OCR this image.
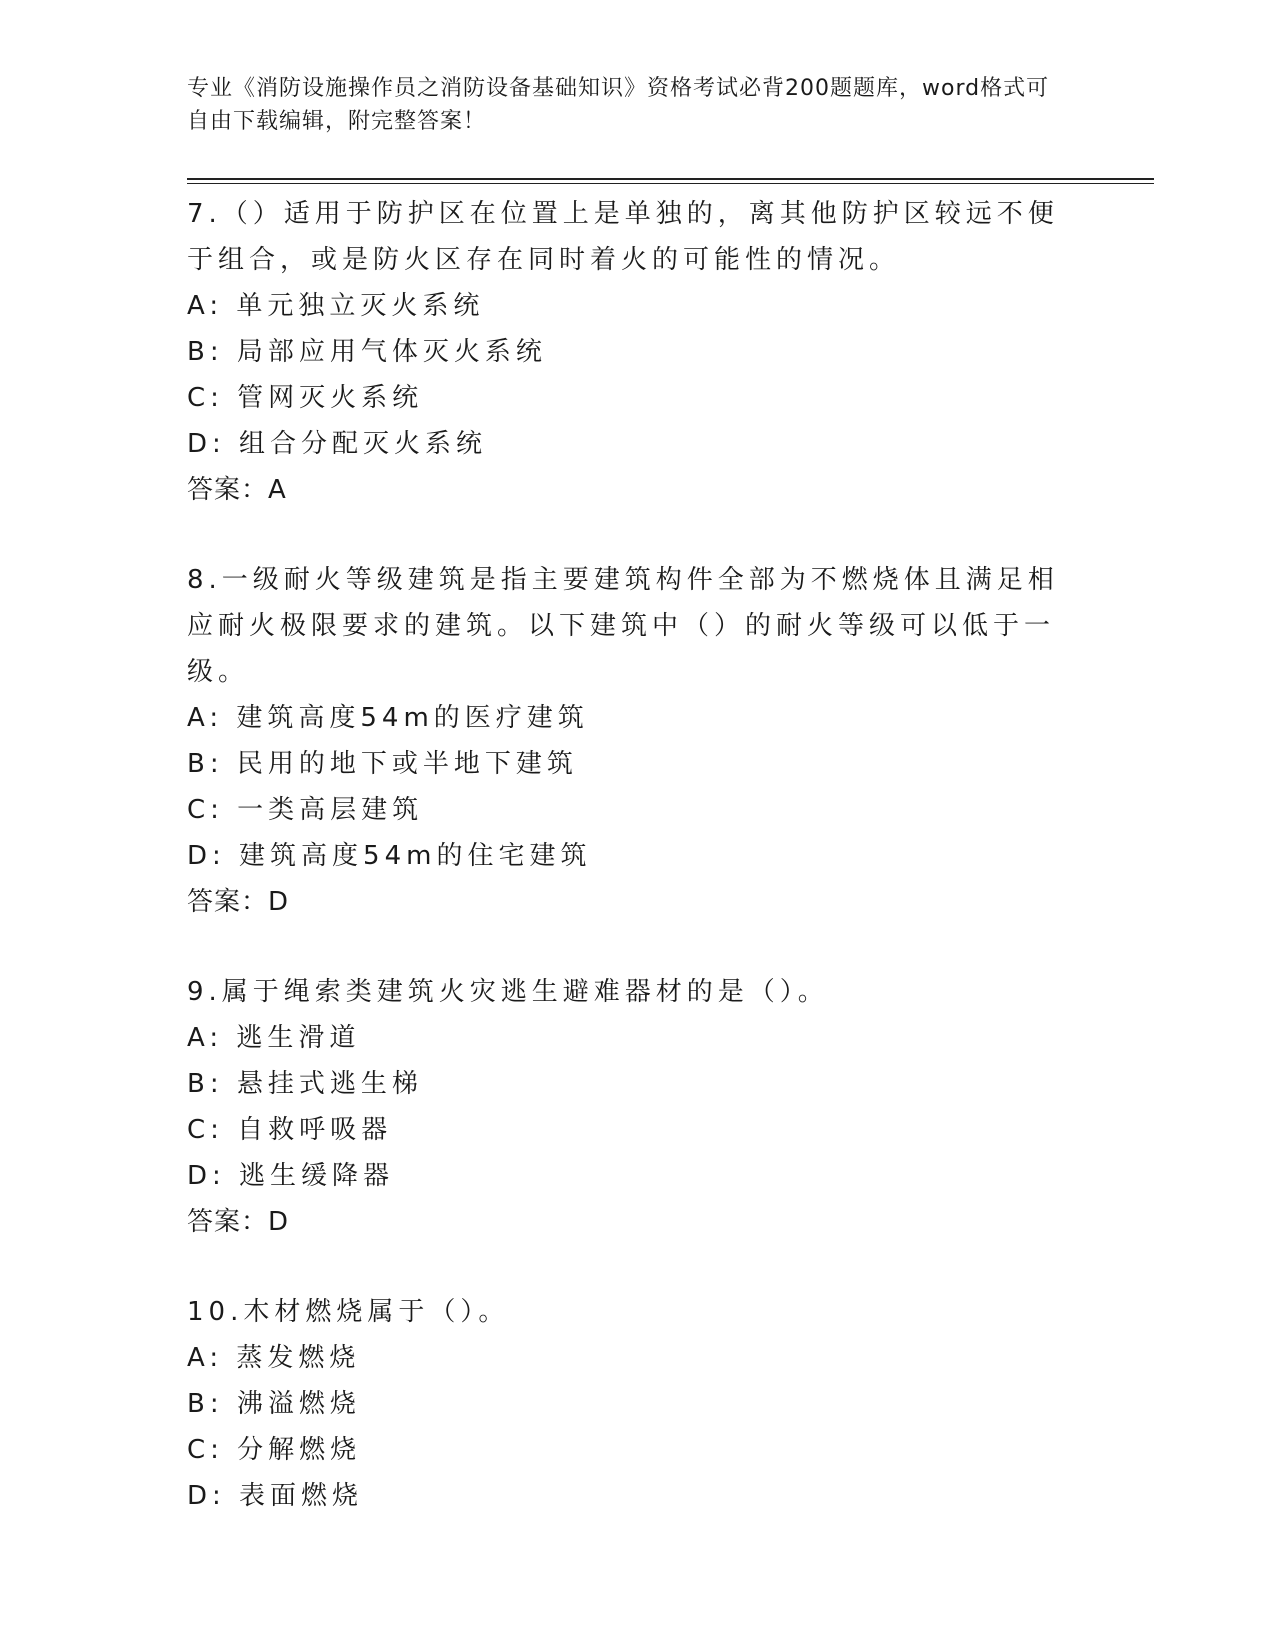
专业《消防设施操作员之消防设备基础知识》资格考试必背200题题库，word格式可自由下载编辑，附完整答案！
7.（）适用于防护区在位置上是单独的，离其他防护区较远不便于组合，或是防火区存在同时着火的可能性的情况。
A: 单元独立灭火系统
B: 局部应用气体灭火系统
C: 管网灭火系统
D: 组合分配灭火系统
答案：A
8.一级耐火等级建筑是指主要建筑构件全部为不燃烧体且满足相应耐火极限要求的建筑。以下建筑中（）的耐火等级可以低于一级。
A: 建筑高度54m的医疗建筑
B: 民用的地下或半地下建筑
C: 一类高层建筑
D: 建筑高度54m的住宅建筑
答案：D
9.属于绳索类建筑火灾逃生避难器材的是（）。
A: 逃生滑道
B: 悬挂式逃生梯
C: 自救呼吸器
D: 逃生缓降器
答案：D
10.木材燃烧属于（）。
A: 蒸发燃烧
B: 沸溢燃烧
C: 分解燃烧
D: 表面燃烧
